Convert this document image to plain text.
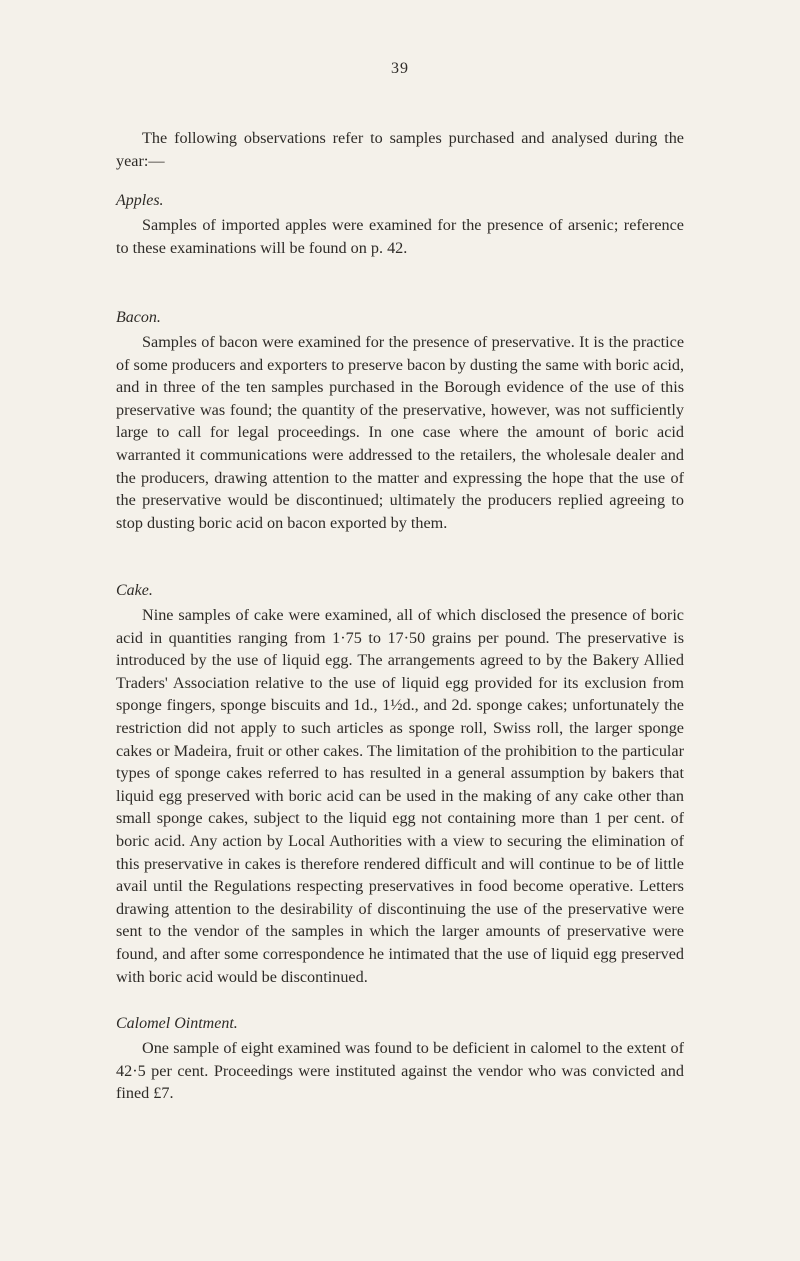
39

The following observations refer to samples purchased and analysed during the year:—

Apples.

Samples of imported apples were examined for the presence of arsenic; reference to these examinations will be found on p. 42.

Bacon.

Samples of bacon were examined for the presence of preservative. It is the practice of some producers and exporters to preserve bacon by dusting the same with boric acid, and in three of the ten samples purchased in the Borough evidence of the use of this preservative was found; the quantity of the preservative, however, was not sufficiently large to call for legal proceedings. In one case where the amount of boric acid warranted it communications were addressed to the retailers, the wholesale dealer and the producers, drawing attention to the matter and expressing the hope that the use of the preservative would be discontinued; ultimately the producers replied agreeing to stop dusting boric acid on bacon exported by them.

Cake.

Nine samples of cake were examined, all of which disclosed the presence of boric acid in quantities ranging from 1·75 to 17·50 grains per pound. The preservative is introduced by the use of liquid egg. The arrangements agreed to by the Bakery Allied Traders' Association relative to the use of liquid egg provided for its exclusion from sponge fingers, sponge biscuits and 1d., 1½d., and 2d. sponge cakes; unfortunately the restriction did not apply to such articles as sponge roll, Swiss roll, the larger sponge cakes or Madeira, fruit or other cakes. The limitation of the prohibition to the particular types of sponge cakes referred to has resulted in a general assumption by bakers that liquid egg preserved with boric acid can be used in the making of any cake other than small sponge cakes, subject to the liquid egg not containing more than 1 per cent. of boric acid. Any action by Local Authorities with a view to securing the elimination of this preservative in cakes is therefore rendered difficult and will continue to be of little avail until the Regulations respecting preservatives in food become operative. Letters drawing attention to the desirability of discontinuing the use of the preservative were sent to the vendor of the samples in which the larger amounts of preservative were found, and after some correspondence he intimated that the use of liquid egg preserved with boric acid would be discontinued.

Calomel Ointment.

One sample of eight examined was found to be deficient in calomel to the extent of 42·5 per cent. Proceedings were instituted against the vendor who was convicted and fined £7.
